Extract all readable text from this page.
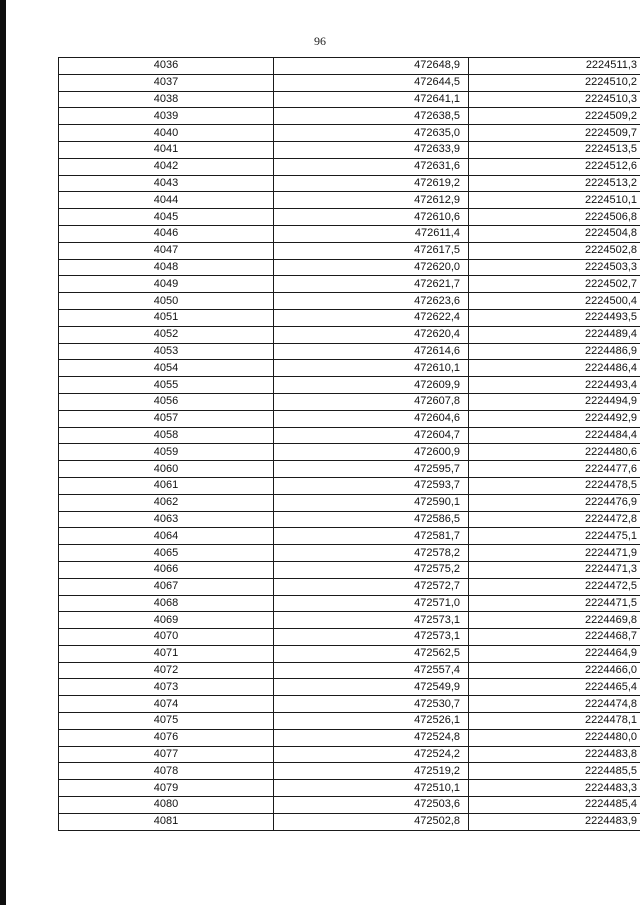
96
4036	472648,9	2224511,3
4037	472644,5	2224510,2
4038	472641,1	2224510,3
4039	472638,5	2224509,2
4040	472635,0	2224509,7
4041	472633,9	2224513,5
4042	472631,6	2224512,6
4043	472619,2	2224513,2
4044	472612,9	2224510,1
4045	472610,6	2224506,8
4046	472611,4	2224504,8
4047	472617,5	2224502,8
4048	472620,0	2224503,3
4049	472621,7	2224502,7
4050	472623,6	2224500,4
4051	472622,4	2224493,5
4052	472620,4	2224489,4
4053	472614,6	2224486,9
4054	472610,1	2224486,4
4055	472609,9	2224493,4
4056	472607,8	2224494,9
4057	472604,6	2224492,9
4058	472604,7	2224484,4
4059	472600,9	2224480,6
4060	472595,7	2224477,6
4061	472593,7	2224478,5
4062	472590,1	2224476,9
4063	472586,5	2224472,8
4064	472581,7	2224475,1
4065	472578,2	2224471,9
4066	472575,2	2224471,3
4067	472572,7	2224472,5
4068	472571,0	2224471,5
4069	472573,1	2224469,8
4070	472573,1	2224468,7
4071	472562,5	2224464,9
4072	472557,4	2224466,0
4073	472549,9	2224465,4
4074	472530,7	2224474,8
4075	472526,1	2224478,1
4076	472524,8	2224480,0
4077	472524,2	2224483,8
4078	472519,2	2224485,5
4079	472510,1	2224483,3
4080	472503,6	2224485,4
4081	472502,8	2224483,9
